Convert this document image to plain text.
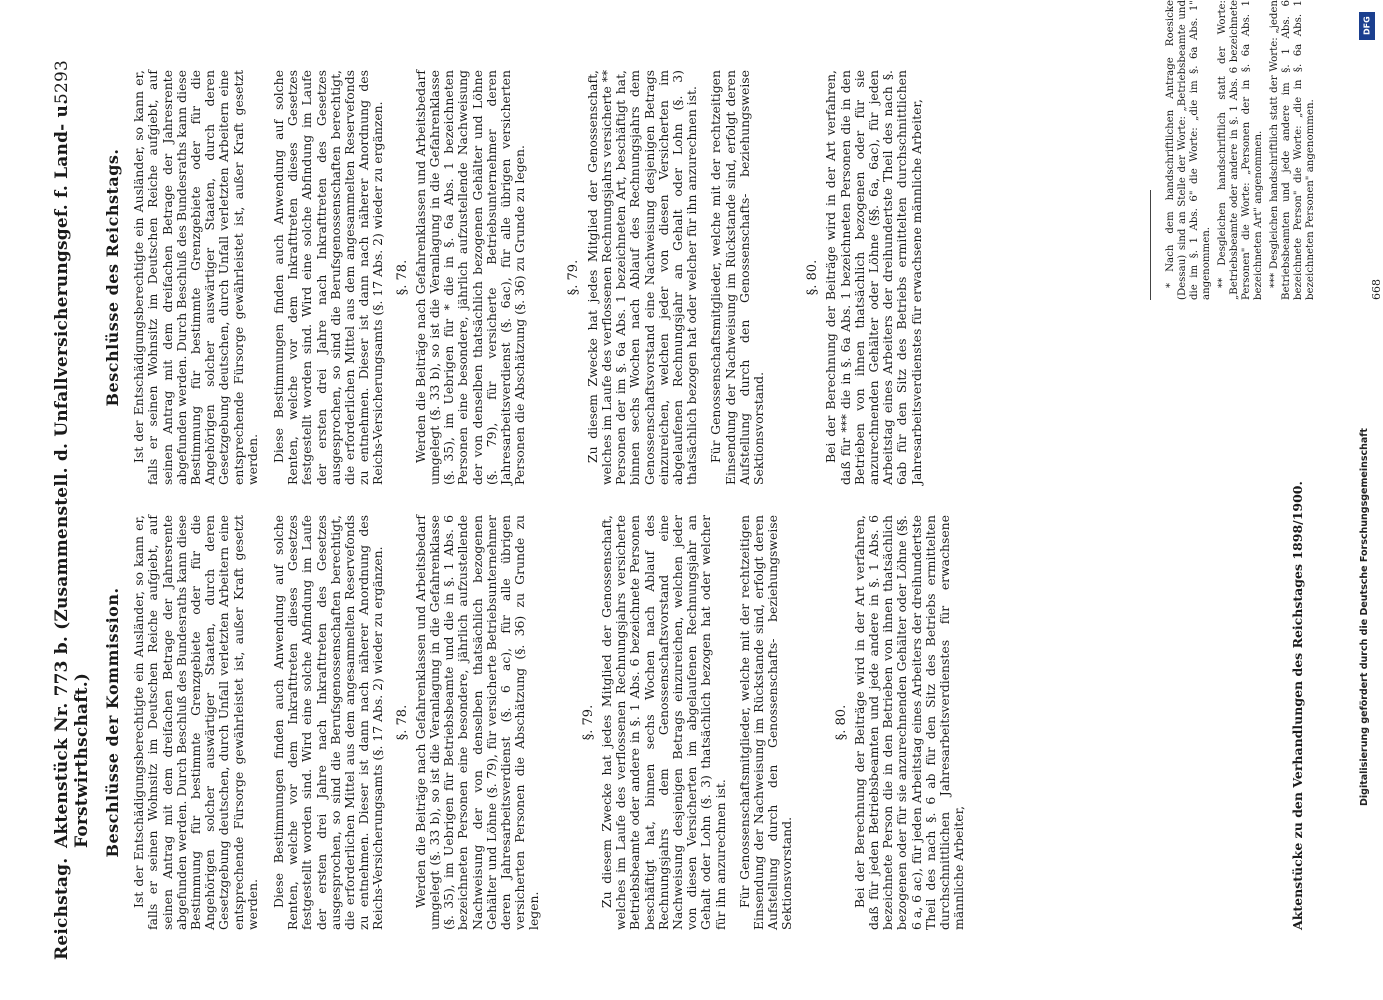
Reichstag.
Aktenstück Nr. 773 b. (Zusammenstell. d. Unfallversicherungsgef. f. Land- u. Forstwirthschaft.)
5293
Beschlüsse der Kommission. Ist der Entschädigungsberechtigte ein Ausländer, so kann er, falls er seinen Wohnsitz im Deutschen Reiche aufgiebt, auf seinen Antrag mit dem dreifachen Betrage der Jahresrente abgefunden werden. Durch Beschluß des Bundesraths kann diese Bestimmung für bestimmte Grenzgebiete oder für die Angehörigen solcher auswärtiger Staaten, durch deren Gesetzgebung deutschen, durch Unfall verletzten Arbeitern eine entsprechende Fürsorge gewährleistet ist, außer Kraft gesetzt werden. Diese Bestimmungen finden auch Anwendung auf solche Renten, welche vor dem Inkrafttreten dieses Gesetzes festgestellt worden sind. Wird eine solche Abfindung im Laufe der ersten drei Jahre nach Inkrafttreten des Gesetzes ausgesprochen, so sind die Berufsgenossenschaften berechtigt, die erforderlichen Mittel aus dem angesammelten Reservefonds zu entnehmen. Dieser ist dann nach näherer Anordnung des Reichs-Versicherungsamts (§. 17 Abs. 2) wieder zu ergänzen. §. 78. Werden die Beiträge nach Gefahrenklassen und Arbeitsbedarf umgelegt (§. 33 b), so ist die Veranlagung in die Gefahrenklasse (§. 35), im Uebrigen für Betriebsbeamte und die in §. 1 Abs. 6 bezeichneten Personen eine besondere, jährlich aufzustellende Nachweisung der von denselben thatsächlich bezogenen Gehälter und Löhne (§. 79), für versicherte Betriebsunternehmer deren Jahresarbeitsverdienst (§. 6 ac), für alle übrigen versicherten Personen die Abschätzung (§. 36) zu Grunde zu legen.

§. 79. Zu diesem Zwecke hat jedes Mitglied der Genossenschaft, welches im Laufe des verflossenen Rechnungsjahrs versicherte Betriebsbeamte oder andere in §. 1 Abs. 6 bezeichnete Personen beschäftigt hat, binnen sechs Wochen nach Ablauf des Rechnungsjahrs dem Genossenschaftsvorstand eine Nachweisung desjenigen Betrags einzureichen, welchen jeder von diesen Versicherten im abgelaufenen Rechnungsjahr an Gehalt oder Lohn (§. 3) thatsächlich bezogen hat oder welcher für ihn anzurechnen ist. Für Genossenschaftsmitglieder, welche mit der rechtzeitigen Einsendung der Nachweisung im Rückstande sind, erfolgt deren Aufstellung durch den Genossenschafts- beziehungsweise Sektionsvorstand.

§. 80. Bei der Berechnung der Beiträge wird in der Art verfahren, daß für jeden Betriebsbeamten und jede andere in §. 1 Abs. 6 bezeichnete Person die in den Betrieben von ihnen thatsächlich bezogenen oder für sie anzurechnenden Gehälter oder Löhne (§§. 6 a, 6 ac), für jeden Arbeitstag eines Arbeiters der dreihundertste Theil des nach §. 6 ab für den Sitz des Betriebs ermittelten durchschnittlichen Jahresarbeitsverdienstes für erwachsene männliche Arbeiter,

Beschlüsse des Reichstags. Ist der Entschädigungsberechtigte ein Ausländer, so kann er, falls er seinen Wohnsitz im Deutschen Reiche aufgiebt, auf seinen Antrag mit dem dreifachen Betrage der Jahresrente abgefunden werden. Durch Beschluß des Bundesraths kann diese Bestimmung für bestimmte Grenzgebiete oder für die Angehörigen solcher auswärtiger Staaten, durch deren Gesetzgebung deutschen, durch Unfall verletzten Arbeitern eine entsprechende Fürsorge gewährleistet ist, außer Kraft gesetzt werden. Diese Bestimmungen finden auch Anwendung auf solche Renten, welche vor dem Inkrafttreten dieses Gesetzes festgestellt worden sind. Wird eine solche Abfindung im Laufe der ersten drei Jahre nach Inkrafttreten des Gesetzes ausgesprochen, so sind die Berufsgenossenschaften berechtigt, die erforderlichen Mittel aus dem angesammelten Reservefonds zu entnehmen. Dieser ist dann nach näherer Anordnung des Reichs-Versicherungsamts (§. 17 Abs. 2) wieder zu ergänzen. §. 78. Werden die Beiträge nach Gefahrenklassen und Arbeitsbedarf umgelegt (§. 33 b), so ist die Veranlagung in die Gefahrenklasse (§. 35), im Uebrigen für * die in §. 6a Abs. 1 bezeichneten Personen eine besondere, jährlich aufzustellende Nachweisung der von denselben thatsächlich bezogenen Gehälter und Löhne (§. 79), für versicherte Betriebsunternehmer deren Jahresarbeitsverdienst (§. 6ac), für alle übrigen versicherten Personen die Abschätzung (§. 36) zu Grunde zu legen.	§. 79. Zu diesem Zwecke hat jedes Mitglied der Genossenschaft, welches im Laufe des verflossenen Rechnungsjahrs versicherte ** Personen der im §. 6a Abs. 1 bezeichneten Art, beschäftigt hat, binnen sechs Wochen nach Ablauf des Rechnungsjahrs dem Genossenschaftsvorstand eine Nachweisung desjenigen Betrags einzureichen, welchen jeder von diesen Versicherten im abgelaufenen Rechnungsjahr an Gehalt oder Lohn (§. 3) thatsächlich bezogen hat oder welcher für ihn anzurechnen ist. Für Genossenschaftsmitglieder, welche mit der rechtzeitigen Einsendung der Nachweisung im Rückstande sind, erfolgt deren Aufstellung durch den Genossenschafts- beziehungsweise Sektionsvorstand.

§. 80. Bei der Berechnung der Beiträge wird in der Art verfahren, daß für *** die in §. 6a Abs. 1 bezeichneten Personen die in den Betrieben von ihnen thatsächlich bezogenen oder für sie anzurechnenden Gehälter oder Löhne (§§. 6a, 6ac), für jeden Arbeitstag eines Arbeiters der dreihundertste Theil des nach §. 6ab für den Sitz des Betriebs ermittelten durchschnittlichen Jahresarbeitsverdienstes für erwachsene männliche Arbeiter,	* Nach dem handschriftlichen Antrage Roesicke (Dessau) sind an Stelle der Worte: „Betriebsbeamte und die im §. 1 Abs. 6" die Worte: „die im §. 6a Abs. 1" angenommen. ** Desgleichen handschriftlich statt der Worte: „Betriebsbeamte oder andere in §. 1 Abs. 6 bezeichnete Personen" die Worte: „Personen der in §. 6a Abs. 1 bezeichneten Art" angenommen. *** Desgleichen handschriftlich statt der Worte: „jeden Betriebsbeamten und jede andere im §. 1 Abs. 6 bezeichnete Person" die Worte: „die in §. 6a Abs. 1 bezeichneten Personen" angenommen.

Aktenstücke zu den Verhandlungen des Reichstages 1898/1900.
668
DFG
Digitalisierung gefördert durch die Deutsche Forschungsgemeinschaft
